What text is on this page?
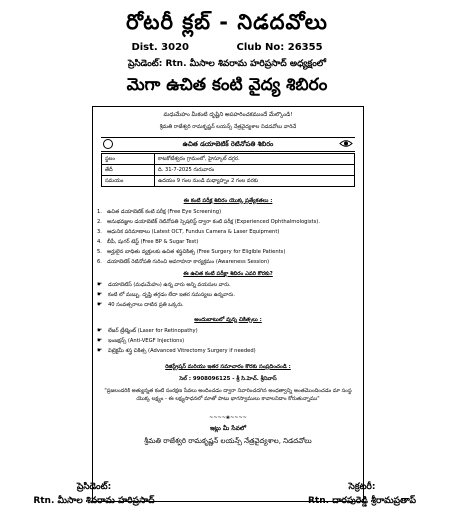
రోటరీ క్లబ్ - నిడదవోలు
Dist. 3020	Club No: 26355
ప్రెసిడెంట్: Rtn. మీసాల శివరామ హరిప్రసాద్ అధ్యక్షంలో
మెగా ఉచిత కంటి వైద్య శిబిరం
మధుమేహం మీకంటి దృష్టిని అపహరించకముందే మేల్కొండి!
శ్రీమతి రాజేశ్వరి రామకృష్ణన్ లయన్స్ నేత్రవైద్యశాల నిడదవోలు వారిచే
ఉచిత డయాబెటిక్ రెటినోపతి శిబిరం
స్థలం	కాటకోటేశ్వరం గ్రామంలో, హైస్కూల్ దగ్గర.
తేదీ	ది. 31-7-2025 గురువారం
సమయం	ఉదయం 9 గంల నుండి మధ్యాహ్నం 2 గంల వరకు
ఈ కంటి పరీక్ష శిబిరం యొక్క ప్రత్యేకతలు :
1. ఉచిత డయాబెటిక్ కంటి పరీక్ష (Free Eye Screening)
2. అనుభవజ్ఞుల డయాబెటిక్ రెటినోపతి స్పెషలిస్ట్ ద్వారా కంటి పరీక్ష (Experienced Ophthalmologists).
3. ఆధునిక పరిమాణాలు (Latest OCT, Fundus Camera & Laser Equipment)
4. బీపీ, షుగర్ టెస్ట్ (Free BP & Sugar Test)
5. అర్హులైన బాధితు వ్యక్తులకు ఉచిత శస్త్రచికిత్స (Free Surgery for Eligible Patients)
6. డయాబెటిక్ రెటినోపతి గురించి అవగాహనా కార్యక్రమం (Awareness Session)
ఈ ఉచిత కంటి పరీక్షా శిబిరం ఎవరి కొరకు?
☛ డయాబెటిస్ (మధుమేహం) ఉన్న వారు అన్ని వయసుల వారు.
☛ కంటి లో మబ్బు, దృష్టి తగ్గడం లేదా ఇతర సమస్యలు ఉన్నవారు.
☛ 40 సంవత్సరాలు దాటిన ప్రతి ఒక్కరు.
అందుబాటులో వున్న చికిత్సలు :
☛ లేజర్ ట్రీట్మెంట్ (Laser for Retinopathy)
☛ ఇంజక్షన్స్ (Anti-VEGF Injections)
☛ విట్రెక్టమీ శస్త్ర చికిత్స (Advanced Vitrectomy Surgery if needed)
రిజిస్ట్రేషన్ మరియు ఇతర సమాచారం కొరకు సంప్రదించండి :
సెల్ : 9908096125 - శ్రీ సి.హెచ్. శ్రీనివాస్
"ప్రజలందరికి అత్యున్నత కంటి సంరక్షణ సేవలు అందించడం ద్వారా నివారించదగిన అంధత్వాన్ని అంతమొందించడం మా సంస్థ యొక్క లక్ష్యం - ఈ లక్ష్యసాధనలో మాతో పాటు భాగస్వాములు కావాలనిదాం కోరుతున్నాము"
~~~~❀~~~~
ఇట్లు మీ సేవలో
శ్రీమతి రాజేశ్వరి రామకృష్ణన్ లయన్స్ నేత్రవైద్యశాల, నిడదవోలు
ప్రెసిడెంట్:
Rtn. మీసాల శివరామ హరిప్రసాద్
సెక్రటరీ:
Rtn. దారపురెడ్డి శ్రీరామప్రతాప్
